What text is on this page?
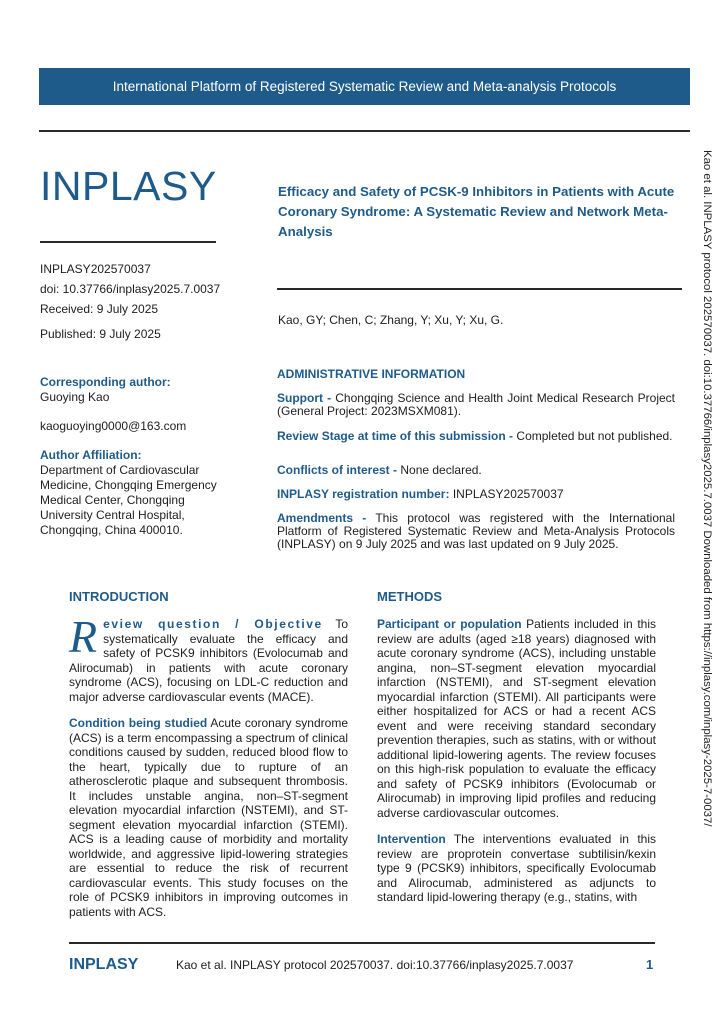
International Platform of Registered Systematic Review and Meta-analysis Protocols
INPLASY
INPLASY202570037
doi: 10.37766/inplasy2025.7.0037
Received: 9 July 2025
Published: 9 July 2025
Efficacy and Safety of PCSK-9 Inhibitors in Patients with Acute Coronary Syndrome: A Systematic Review and Network Meta-Analysis
Kao, GY; Chen, C; Zhang, Y; Xu, Y; Xu, G.
Corresponding author:
Guoying Kao
kaoguoying0000@163.com
Author Affiliation:
Department of Cardiovascular Medicine, Chongqing Emergency Medical Center, Chongqing University Central Hospital, Chongqing, China 400010.
ADMINISTRATIVE INFORMATION
Support - Chongqing Science and Health Joint Medical Research Project (General Project: 2023MSXM081).
Review Stage at time of this submission - Completed but not published.
Conflicts of interest - None declared.
INPLASY registration number: INPLASY202570037
Amendments - This protocol was registered with the International Platform of Registered Systematic Review and Meta-Analysis Protocols (INPLASY) on 9 July 2025 and was last updated on 9 July 2025.
INTRODUCTION

Review question / Objective To systematically evaluate the efficacy and safety of PCSK9 inhibitors (Evolocumab and Alirocumab) in patients with acute coronary syndrome (ACS), focusing on LDL-C reduction and major adverse cardiovascular events (MACE).

Condition being studied Acute coronary syndrome (ACS) is a term encompassing a spectrum of clinical conditions caused by sudden, reduced blood flow to the heart, typically due to rupture of an atherosclerotic plaque and subsequent thrombosis. It includes unstable angina, non–ST-segment elevation myocardial infarction (NSTEMI), and ST-segment elevation myocardial infarction (STEMI). ACS is a leading cause of morbidity and mortality worldwide, and aggressive lipid-lowering strategies are essential to reduce the risk of recurrent cardiovascular events. This study focuses on the role of PCSK9 inhibitors in improving outcomes in patients with ACS.

METHODS

Participant or population Patients included in this review are adults (aged ≥18 years) diagnosed with acute coronary syndrome (ACS), including unstable angina, non–ST-segment elevation myocardial infarction (NSTEMI), and ST-segment elevation myocardial infarction (STEMI). All participants were either hospitalized for ACS or had a recent ACS event and were receiving standard secondary prevention therapies, such as statins, with or without additional lipid-lowering agents. The review focuses on this high-risk population to evaluate the efficacy and safety of PCSK9 inhibitors (Evolocumab or Alirocumab) in improving lipid profiles and reducing adverse cardiovascular outcomes.

Intervention The interventions evaluated in this review are proprotein convertase subtilisin/kexin type 9 (PCSK9) inhibitors, specifically Evolocumab and Alirocumab, administered as adjuncts to standard lipid-lowering therapy (e.g., statins, with

Kao et al. INPLASY protocol 202570037. doi:10.37766/inplasy2025.7.0037 Downloaded from https://inplasy.com/inplasy-2025-7-0037/
INPLASY	Kao et al. INPLASY protocol 202570037. doi:10.37766/inplasy2025.7.0037	1
